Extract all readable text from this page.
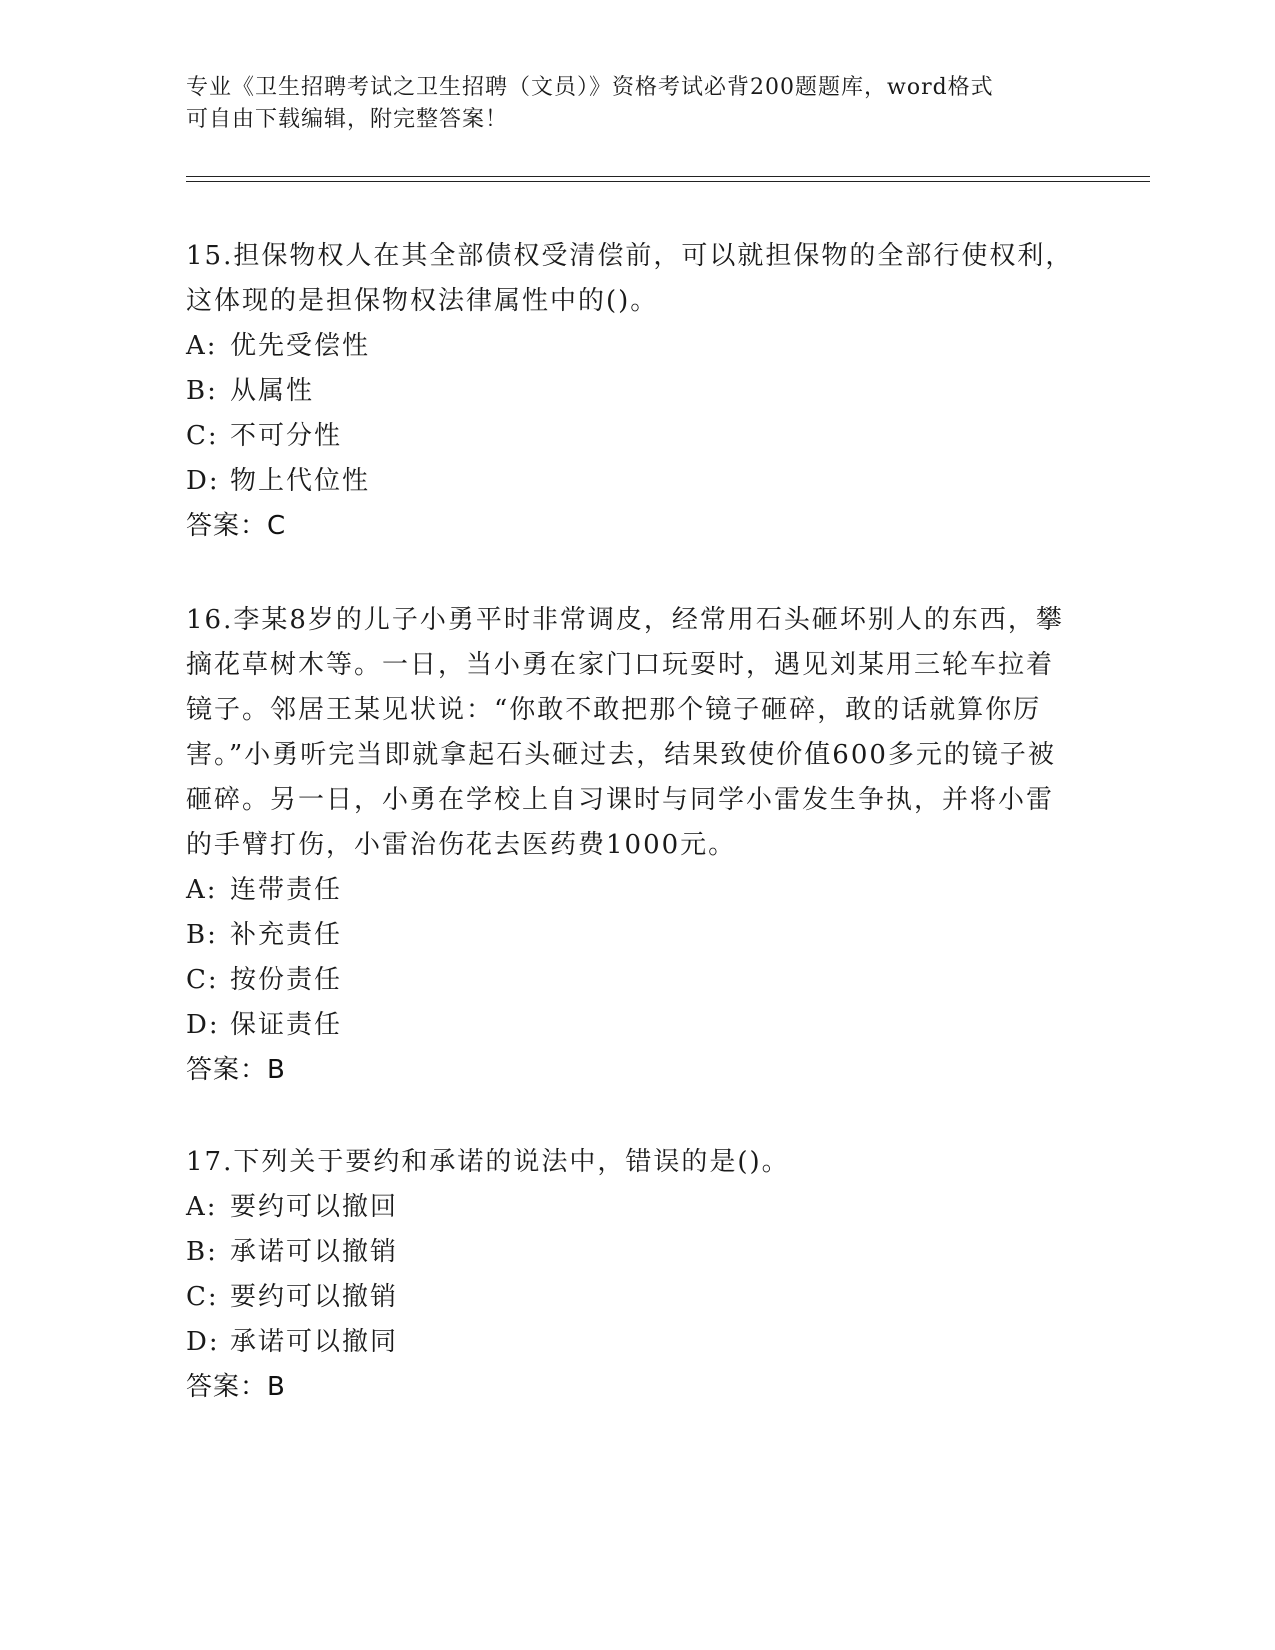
专业《卫生招聘考试之卫生招聘（文员）》资格考试必背200题题库，word格式
可自由下载编辑，附完整答案！

15.担保物权人在其全部债权受清偿前，可以就担保物的全部行使权利，这体现的是担保物权法律属性中的()。

A: 优先受偿性
B: 从属性
C: 不可分性
D: 物上代位性
答案：C

16.李某8岁的儿子小勇平时非常调皮，经常用石头砸坏别人的东西，攀摘花草树木等。一日，当小勇在家门口玩耍时，遇见刘某用三轮车拉着镜子。邻居王某见状说：“你敢不敢把那个镜子砸碎，敢的话就算你厉害。”小勇听完当即就拿起石头砸过去，结果致使价值600多元的镜子被砸碎。另一日，小勇在学校上自习课时与同学小雷发生争执，并将小雷的手臂打伤，小雷治伤花去医药费1000元。

A: 连带责任
B: 补充责任
C: 按份责任
D: 保证责任
答案：B

17.下列关于要约和承诺的说法中，错误的是()。

A: 要约可以撤回
B: 承诺可以撤销
C: 要约可以撤销
D: 承诺可以撤同
答案：B
